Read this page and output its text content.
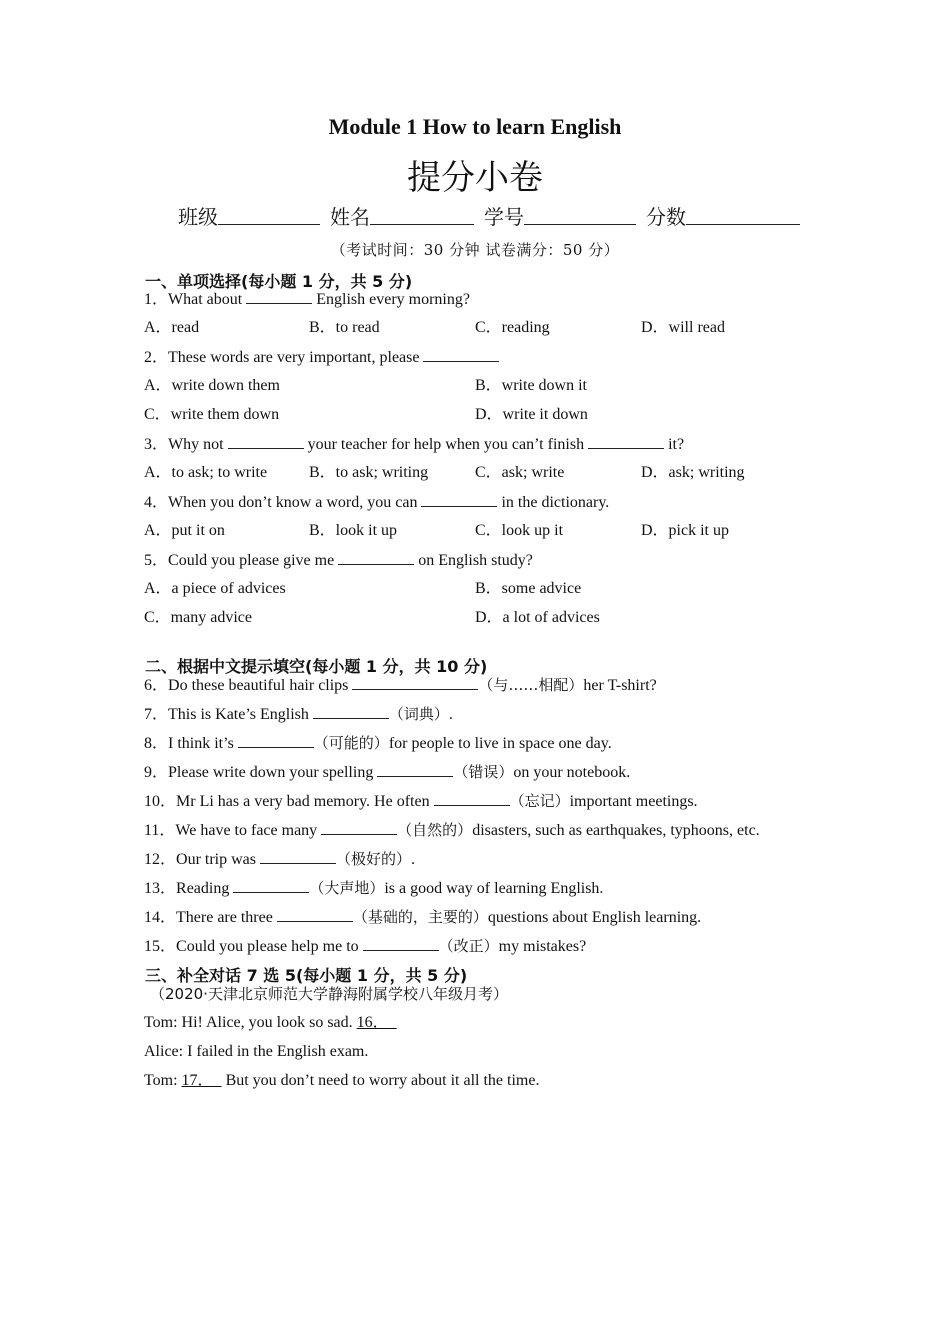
Module 1 How to learn English
提分小卷
班级	姓名	学号	分数
（考试时间：30 分钟 试卷满分：50 分）
一、单项选择(每小题 1 分，共 5 分)
1．What about	English every morning?
A．read	B．to read	C．reading	D．will read
2．These words are very important, please
A．write down them	B．write down it
C．write them down	D．write it down
3．Why not	your teacher for help when you can’t finish	it?
A．to ask; to write	B．to ask; writing	C．ask; write	D．ask; writing
4．When you don’t know a word, you can	in the dictionary.
A．put it on	B．look it up	C．look up it	D．pick it up
5．Could you please give me	on English study?
A．a piece of advices	B．some advice
C．many advice	D．a lot of advices
二、根据中文提示填空(每小题 1 分，共 10 分)
6．Do these beautiful hair clips	（与……相配）her T-shirt?
7．This is Kate’s English	（词典）.
8．I think it’s	（可能的）for people to live in space one day.
9．Please write down your spelling	（错误）on your notebook.
10．Mr Li has a very bad memory. He often	（忘记）important meetings.
11．We have to face many	（自然的）disasters, such as earthquakes, typhoons, etc.
12．Our trip was	（极好的）.
13．Reading	（大声地）is a good way of learning English.
14．There are three	（基础的，主要的）questions about English learning.
15．Could you please help me to	（改正）my mistakes?
三、补全对话 7 选 5(每小题 1 分，共 5 分)
（2020·天津北京师范大学静海附属学校八年级月考）
Tom: Hi! Alice, you look so sad. 16．
Alice: I failed in the English exam.
Tom: 17．   But you don’t need to worry about it all the time.
